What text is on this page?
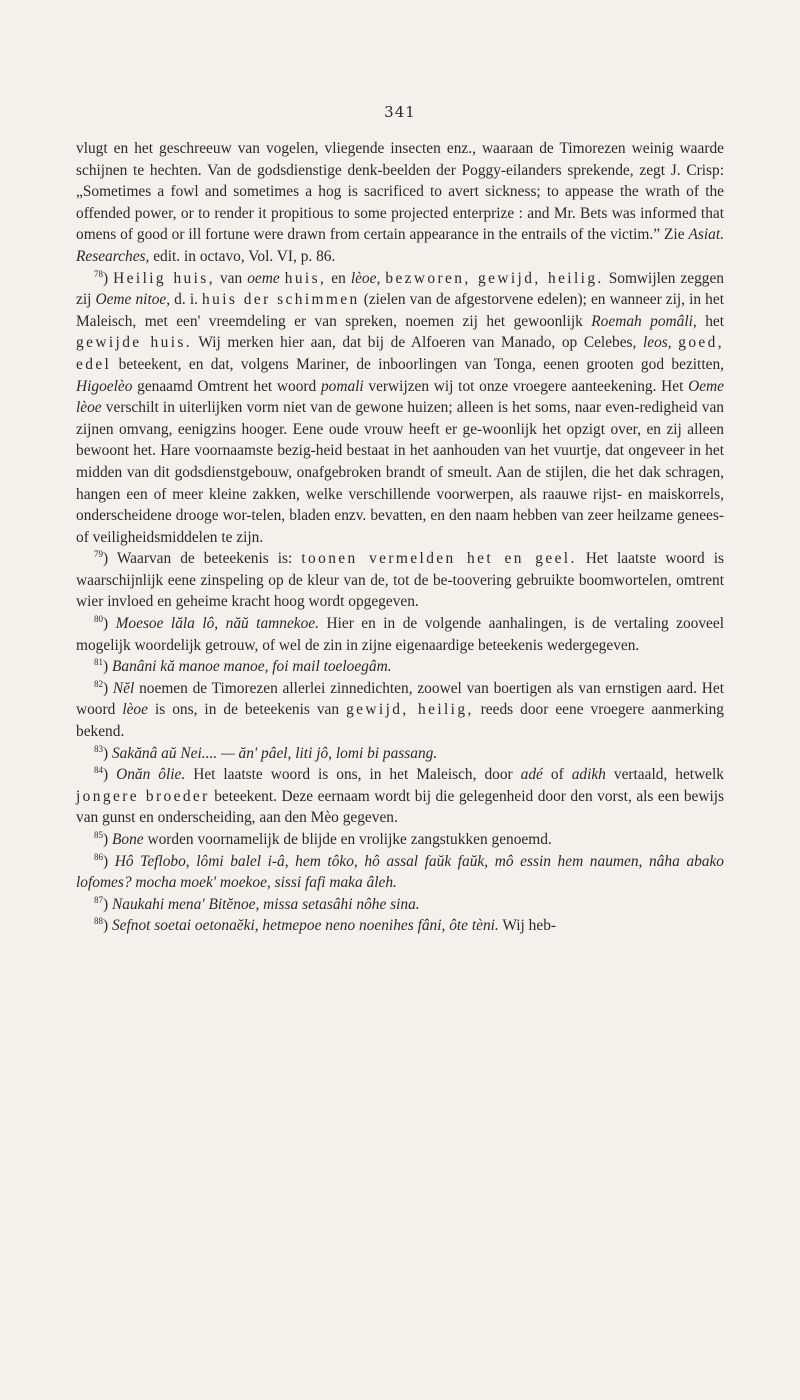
341

vlugt en het geschreeuw van vogelen, vliegende insecten enz., waaraan de Timorezen weinig waarde schijnen te hechten. Van de godsdienstige denk-beelden der Poggy-eilanders sprekende, zegt J. Crisp: „Sometimes a fowl and sometimes a hog is sacrificed to avert sickness; to appease the wrath of the offended power, or to render it propitious to some projected enterprize : and Mr. Bets was informed that omens of good or ill fortune were drawn from certain appearance in the entrails of the victim.” Zie Asiat. Researches, edit. in octavo, Vol. VI, p. 86.

$^{78}$) Heilig huis, van oeme huis, en lèoe, bezworen, gewijd, heilig. Somwijlen zeggen zij Oeme nitoe, d. i. huis der schimmen (zielen van de afgestorvene edelen); en wanneer zij, in het Maleisch, met een' vreemdeling er van spreken, noemen zij het gewoonlijk Roemah pomâli, het gewijde huis. Wij merken hier aan, dat bij de Alfoeren van Manado, op Celebes, leos, goed, edel beteekent, en dat, volgens Mariner, de inboorlingen van Tonga, eenen grooten god bezitten, Higoelèo genaamd Omtrent het woord pomali verwijzen wij tot onze vroegere aanteekening. Het Oeme lèoe verschilt in uiterlijken vorm niet van de gewone huizen; alleen is het soms, naar even-redigheid van zijnen omvang, eenigzins hooger. Eene oude vrouw heeft er ge-woonlijk het opzigt over, en zij alleen bewoont het. Hare voornaamste bezig-heid bestaat in het aanhouden van het vuurtje, dat ongeveer in het midden van dit godsdienstgebouw, onafgebroken brandt of smeult. Aan de stijlen, die het dak schragen, hangen een of meer kleine zakken, welke verschillende voorwerpen, als raauwe rijst- en maiskorrels, onderscheidene drooge wor-telen, bladen enzv. bevatten, en den naam hebben van zeer heilzame genees- of veiligheidsmiddelen te zijn.

$^{79}$) Waarvan de beteekenis is: toonen vermelden het en geel. Het laatste woord is waarschijnlijk eene zinspeling op de kleur van de, tot de be-toovering gebruikte boomwortelen, omtrent wier invloed en geheime kracht hoog wordt opgegeven.

$^{80}$) Moesoe lăla lô, năŭ tamnekoe. Hier en in de volgende aanhalingen, is de vertaling zooveel mogelijk woordelijk getrouw, of wel de zin in zijne eigenaardige beteekenis wedergegeven.

$^{81}$) Banâni kă manoe manoe, foi mail toeloegâm.

$^{82}$) Nĕl noemen de Timorezen allerlei zinnedichten, zoowel van boertigen als van ernstigen aard. Het woord lèoe is ons, in de beteekenis van gewijd, heilig, reeds door eene vroegere aanmerking bekend.

$^{83}$) Sakănâ aŭ Nei.... — ăn' pâel, liti jô, lomi bi passang.

$^{84}$) Onăn ôlie. Het laatste woord is ons, in het Maleisch, door adé of adikh vertaald, hetwelk jongere broeder beteekent. Deze eernaam wordt bij die gelegenheid door den vorst, als een bewijs van gunst en onderscheiding, aan den Mèo gegeven.

$^{85}$) Bone worden voornamelijk de blijde en vrolijke zangstukken genoemd.

$^{86}$) Hô Teflobo, lômi balel i-â, hem tôko, hô assal faŭk faŭk, mô essin hem naumen, nâha abako lofomes? mocha moek' moekoe, sissi fafi maka âleh.

$^{87}$) Naukahi mena' Bitĕnoe, missa setasâhi nôhe sina.

$^{88}$) Sefnot soetai oetonaĕki, hetmepoe neno noenihes fâni, ôte tèni. Wij heb-
